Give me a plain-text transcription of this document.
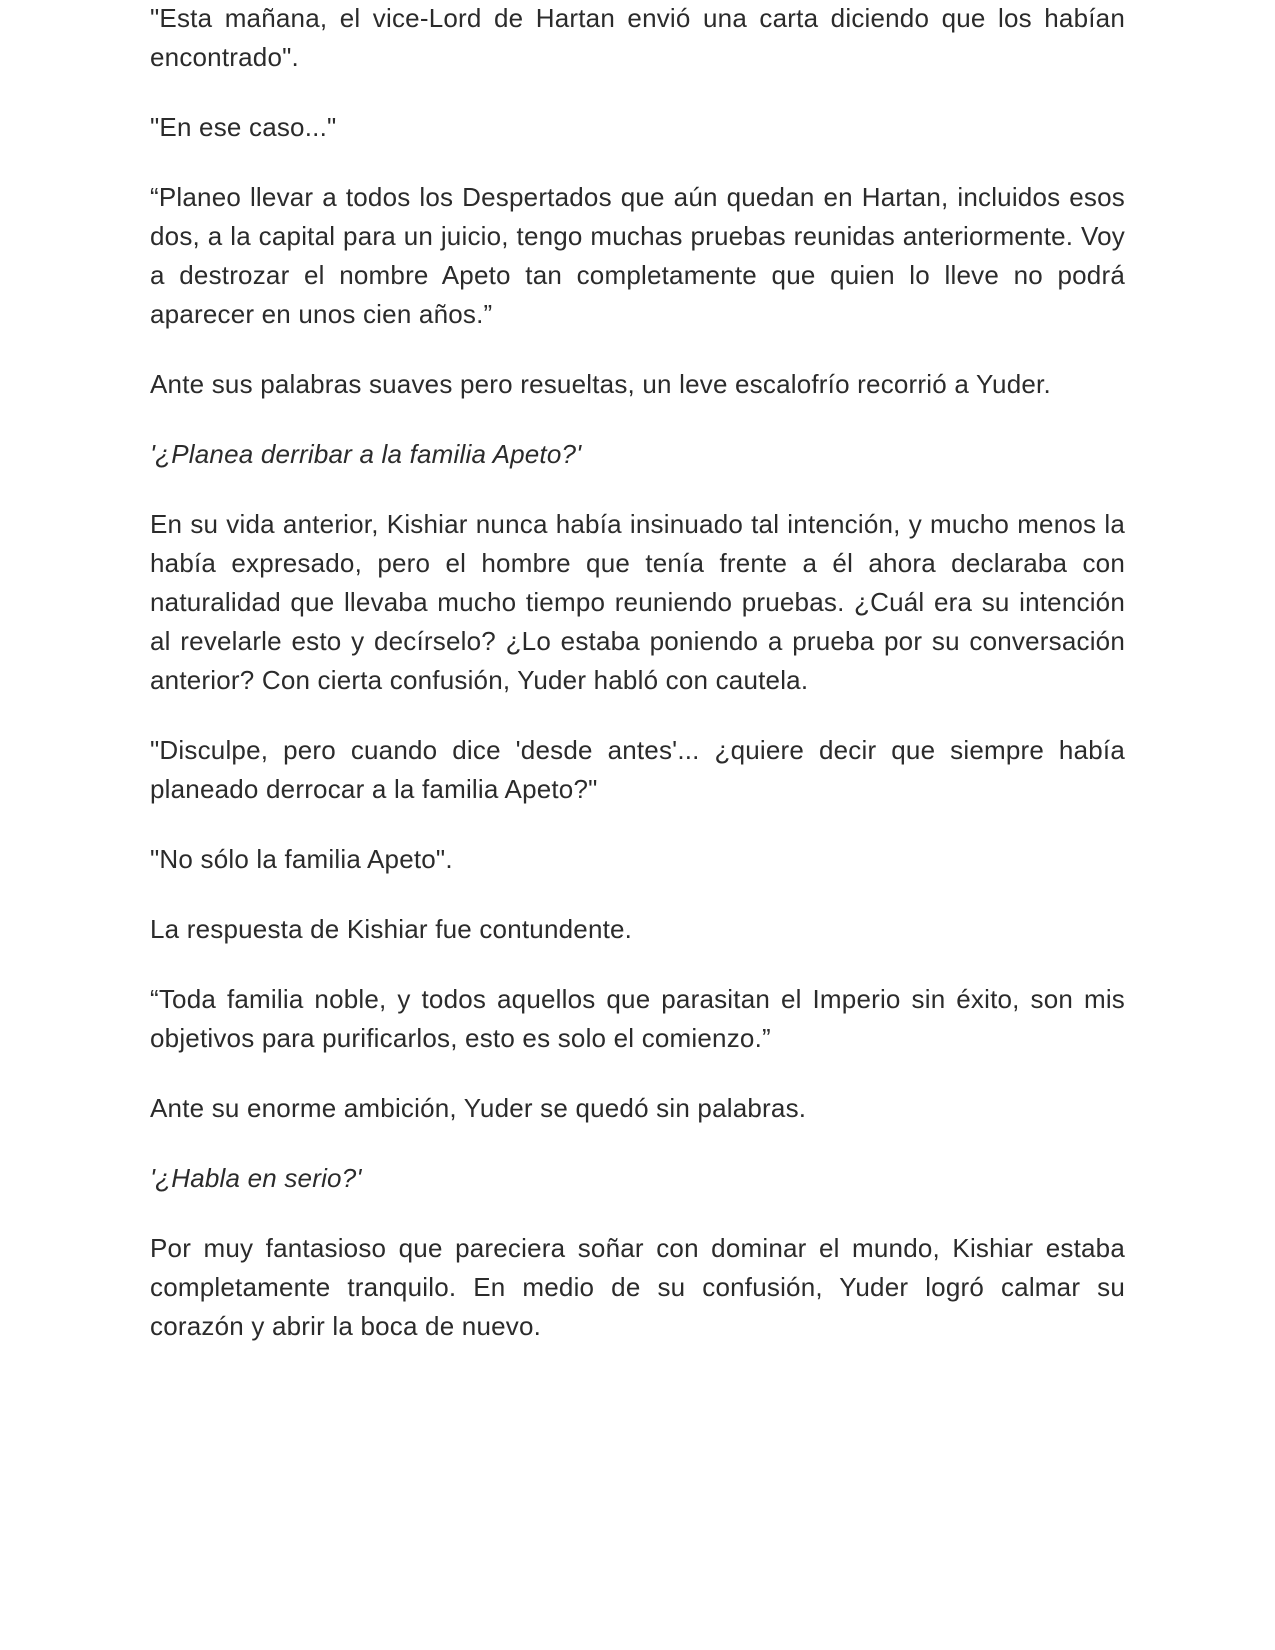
"Esta mañana, el vice-Lord de Hartan envió una carta diciendo que los habían encontrado".

"En ese caso..."

“Planeo llevar a todos los Despertados que aún quedan en Hartan, incluidos esos dos, a la capital para un juicio, tengo muchas pruebas reunidas anteriormente. Voy a destrozar el nombre Apeto tan completamente que quien lo lleve no podrá aparecer en unos cien años.”

Ante sus palabras suaves pero resueltas, un leve escalofrío recorrió a Yuder.

'¿Planea derribar a la familia Apeto?'

En su vida anterior, Kishiar nunca había insinuado tal intención, y mucho menos la había expresado, pero el hombre que tenía frente a él ahora declaraba con naturalidad que llevaba mucho tiempo reuniendo pruebas. ¿Cuál era su intención al revelarle esto y decírselo? ¿Lo estaba poniendo a prueba por su conversación anterior? Con cierta confusión, Yuder habló con cautela.

"Disculpe, pero cuando dice 'desde antes'... ¿quiere decir que siempre había planeado derrocar a la familia Apeto?"

"No sólo la familia Apeto".

La respuesta de Kishiar fue contundente.

“Toda familia noble, y todos aquellos que parasitan el Imperio sin éxito, son mis objetivos para purificarlos, esto es solo el comienzo.”

Ante su enorme ambición, Yuder se quedó sin palabras.

'¿Habla en serio?'

Por muy fantasioso que pareciera soñar con dominar el mundo, Kishiar estaba completamente tranquilo. En medio de su confusión, Yuder logró calmar su corazón y abrir la boca de nuevo.
